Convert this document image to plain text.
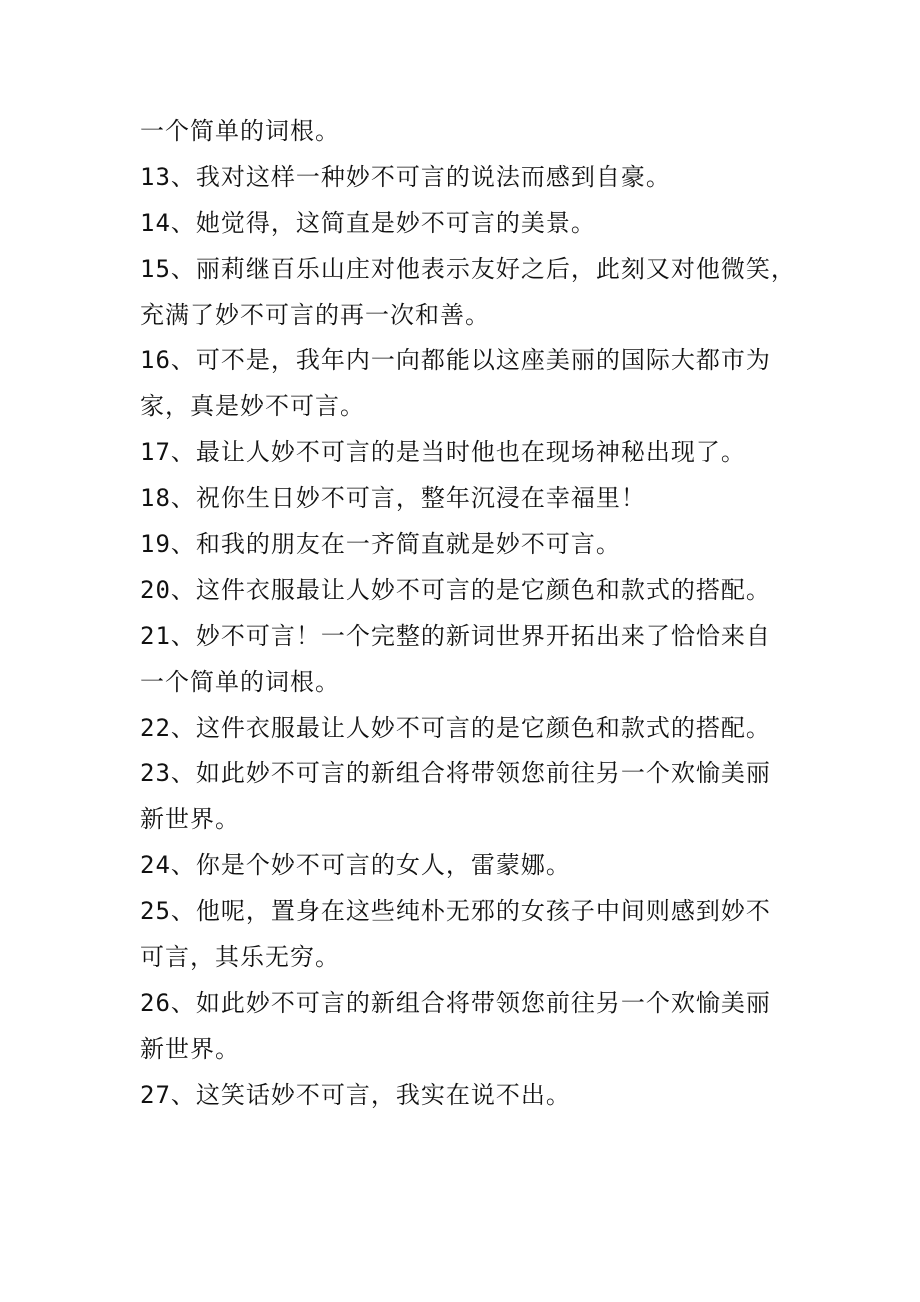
一个简单的词根。
13、我对这样一种妙不可言的说法而感到自豪。
14、她觉得，这简直是妙不可言的美景。
15、丽莉继百乐山庄对他表示友好之后，此刻又对他微笑，
充满了妙不可言的再一次和善。
16、可不是，我年内一向都能以这座美丽的国际大都市为
家，真是妙不可言。
17、最让人妙不可言的是当时他也在现场神秘出现了。
18、祝你生日妙不可言，整年沉浸在幸福里！
19、和我的朋友在一齐简直就是妙不可言。
20、这件衣服最让人妙不可言的是它颜色和款式的搭配。
21、妙不可言！一个完整的新词世界开拓出来了恰恰来自
一个简单的词根。
22、这件衣服最让人妙不可言的是它颜色和款式的搭配。
23、如此妙不可言的新组合将带领您前往另一个欢愉美丽
新世界。
24、你是个妙不可言的女人，雷蒙娜。
25、他呢，置身在这些纯朴无邪的女孩子中间则感到妙不
可言，其乐无穷。
26、如此妙不可言的新组合将带领您前往另一个欢愉美丽
新世界。
27、这笑话妙不可言，我实在说不出。
